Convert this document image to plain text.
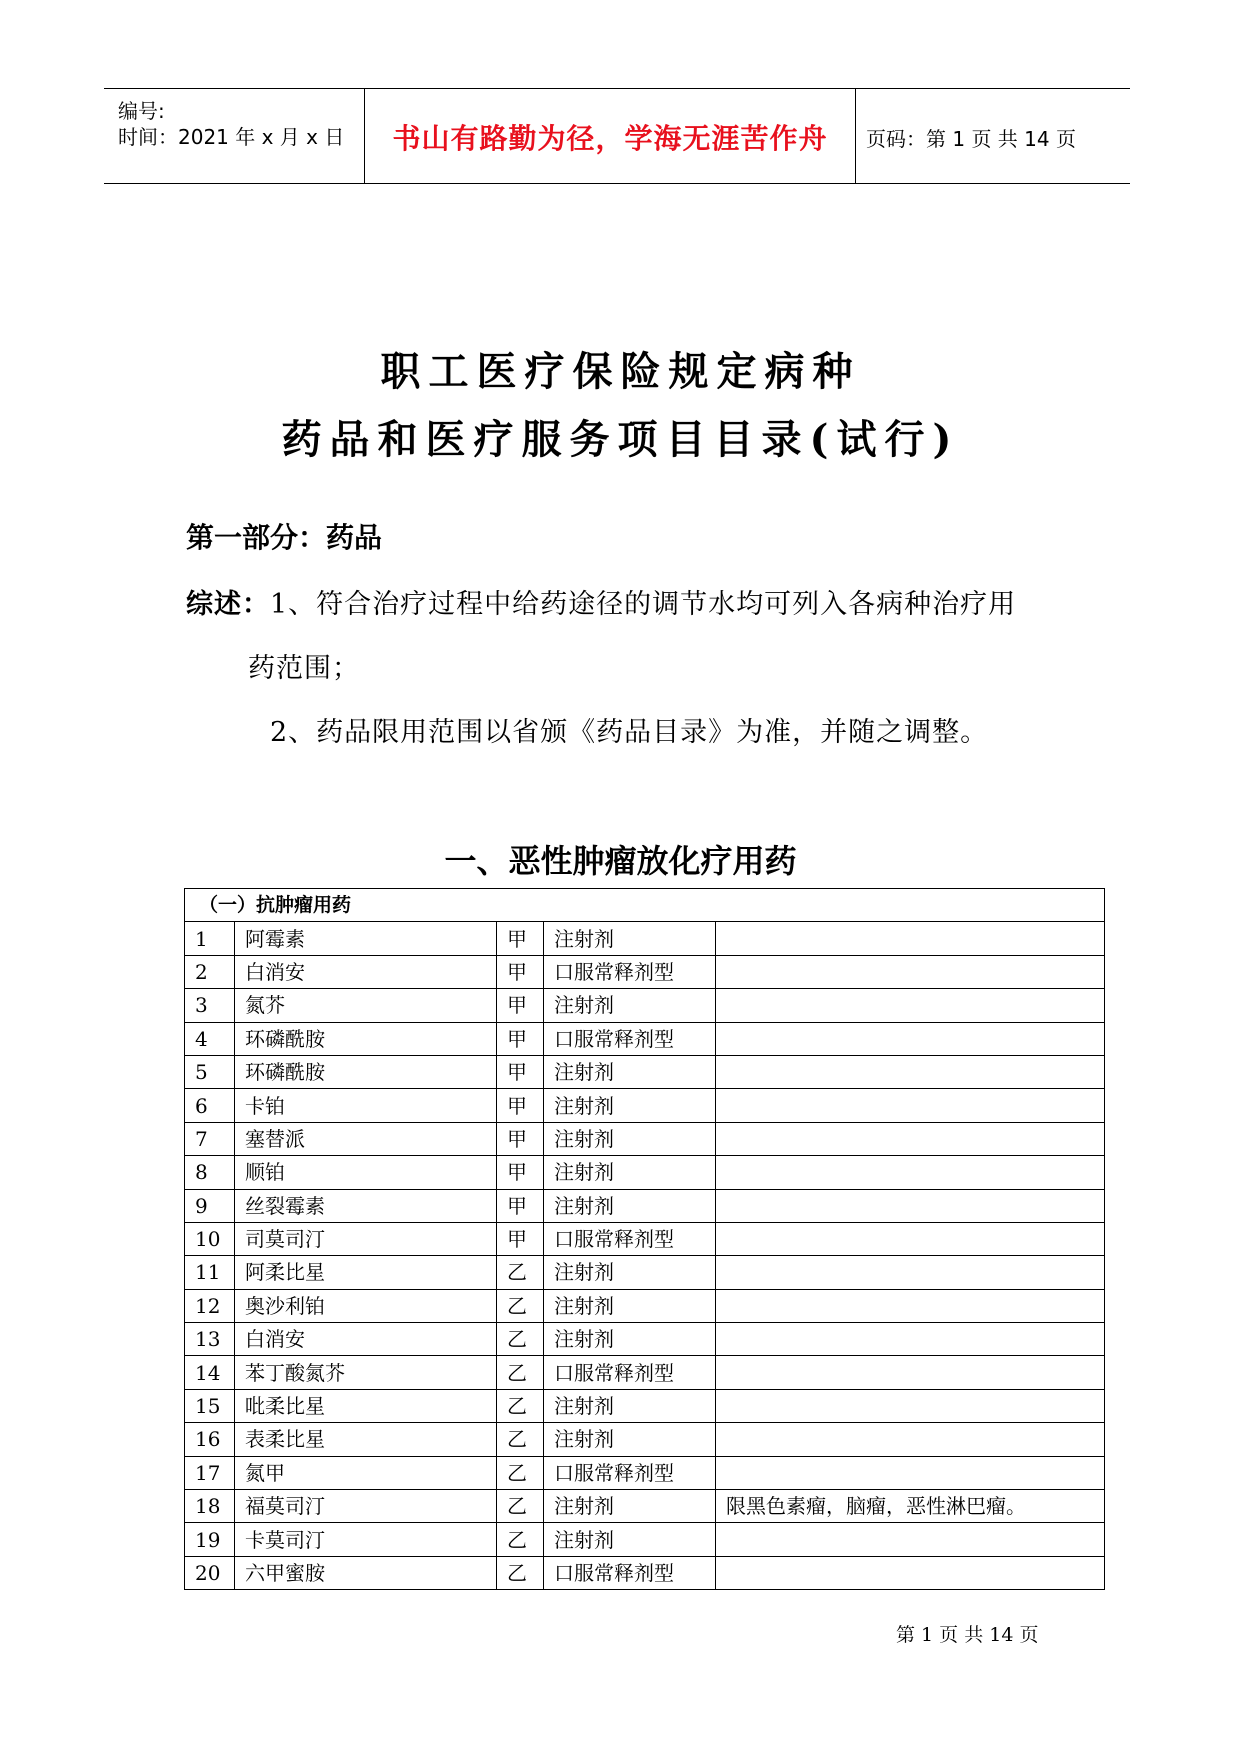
编号:
时间：2021 年 x 月 x 日	书山有路勤为径，学海无涯苦作舟	页码：第 1 页 共 14 页
职工医疗保险规定病种
药品和医疗服务项目目录(试行)
第一部分：药品
综述：1、符合治疗过程中给药途径的调节水均可列入各病种治疗用
药范围；
2、药品限用范围以省颁《药品目录》为准，并随之调整。
一、恶性肿瘤放化疗用药
（一）抗肿瘤用药				
1	阿霉素	甲	注射剂	
2	白消安	甲	口服常释剂型	
3	氮芥	甲	注射剂	
4	环磷酰胺	甲	口服常释剂型	
5	环磷酰胺	甲	注射剂	
6	卡铂	甲	注射剂	
7	塞替派	甲	注射剂	
8	顺铂	甲	注射剂	
9	丝裂霉素	甲	注射剂	
10	司莫司汀	甲	口服常释剂型	
11	阿柔比星	乙	注射剂	
12	奥沙利铂	乙	注射剂	
13	白消安	乙	注射剂	
14	苯丁酸氮芥	乙	口服常释剂型	
15	吡柔比星	乙	注射剂	
16	表柔比星	乙	注射剂	
17	氮甲	乙	口服常释剂型	
18	福莫司汀	乙	注射剂	限黑色素瘤，脑瘤，恶性淋巴瘤。
19	卡莫司汀	乙	注射剂	
20	六甲蜜胺	乙	口服常释剂型	
第 1 页 共 14 页
